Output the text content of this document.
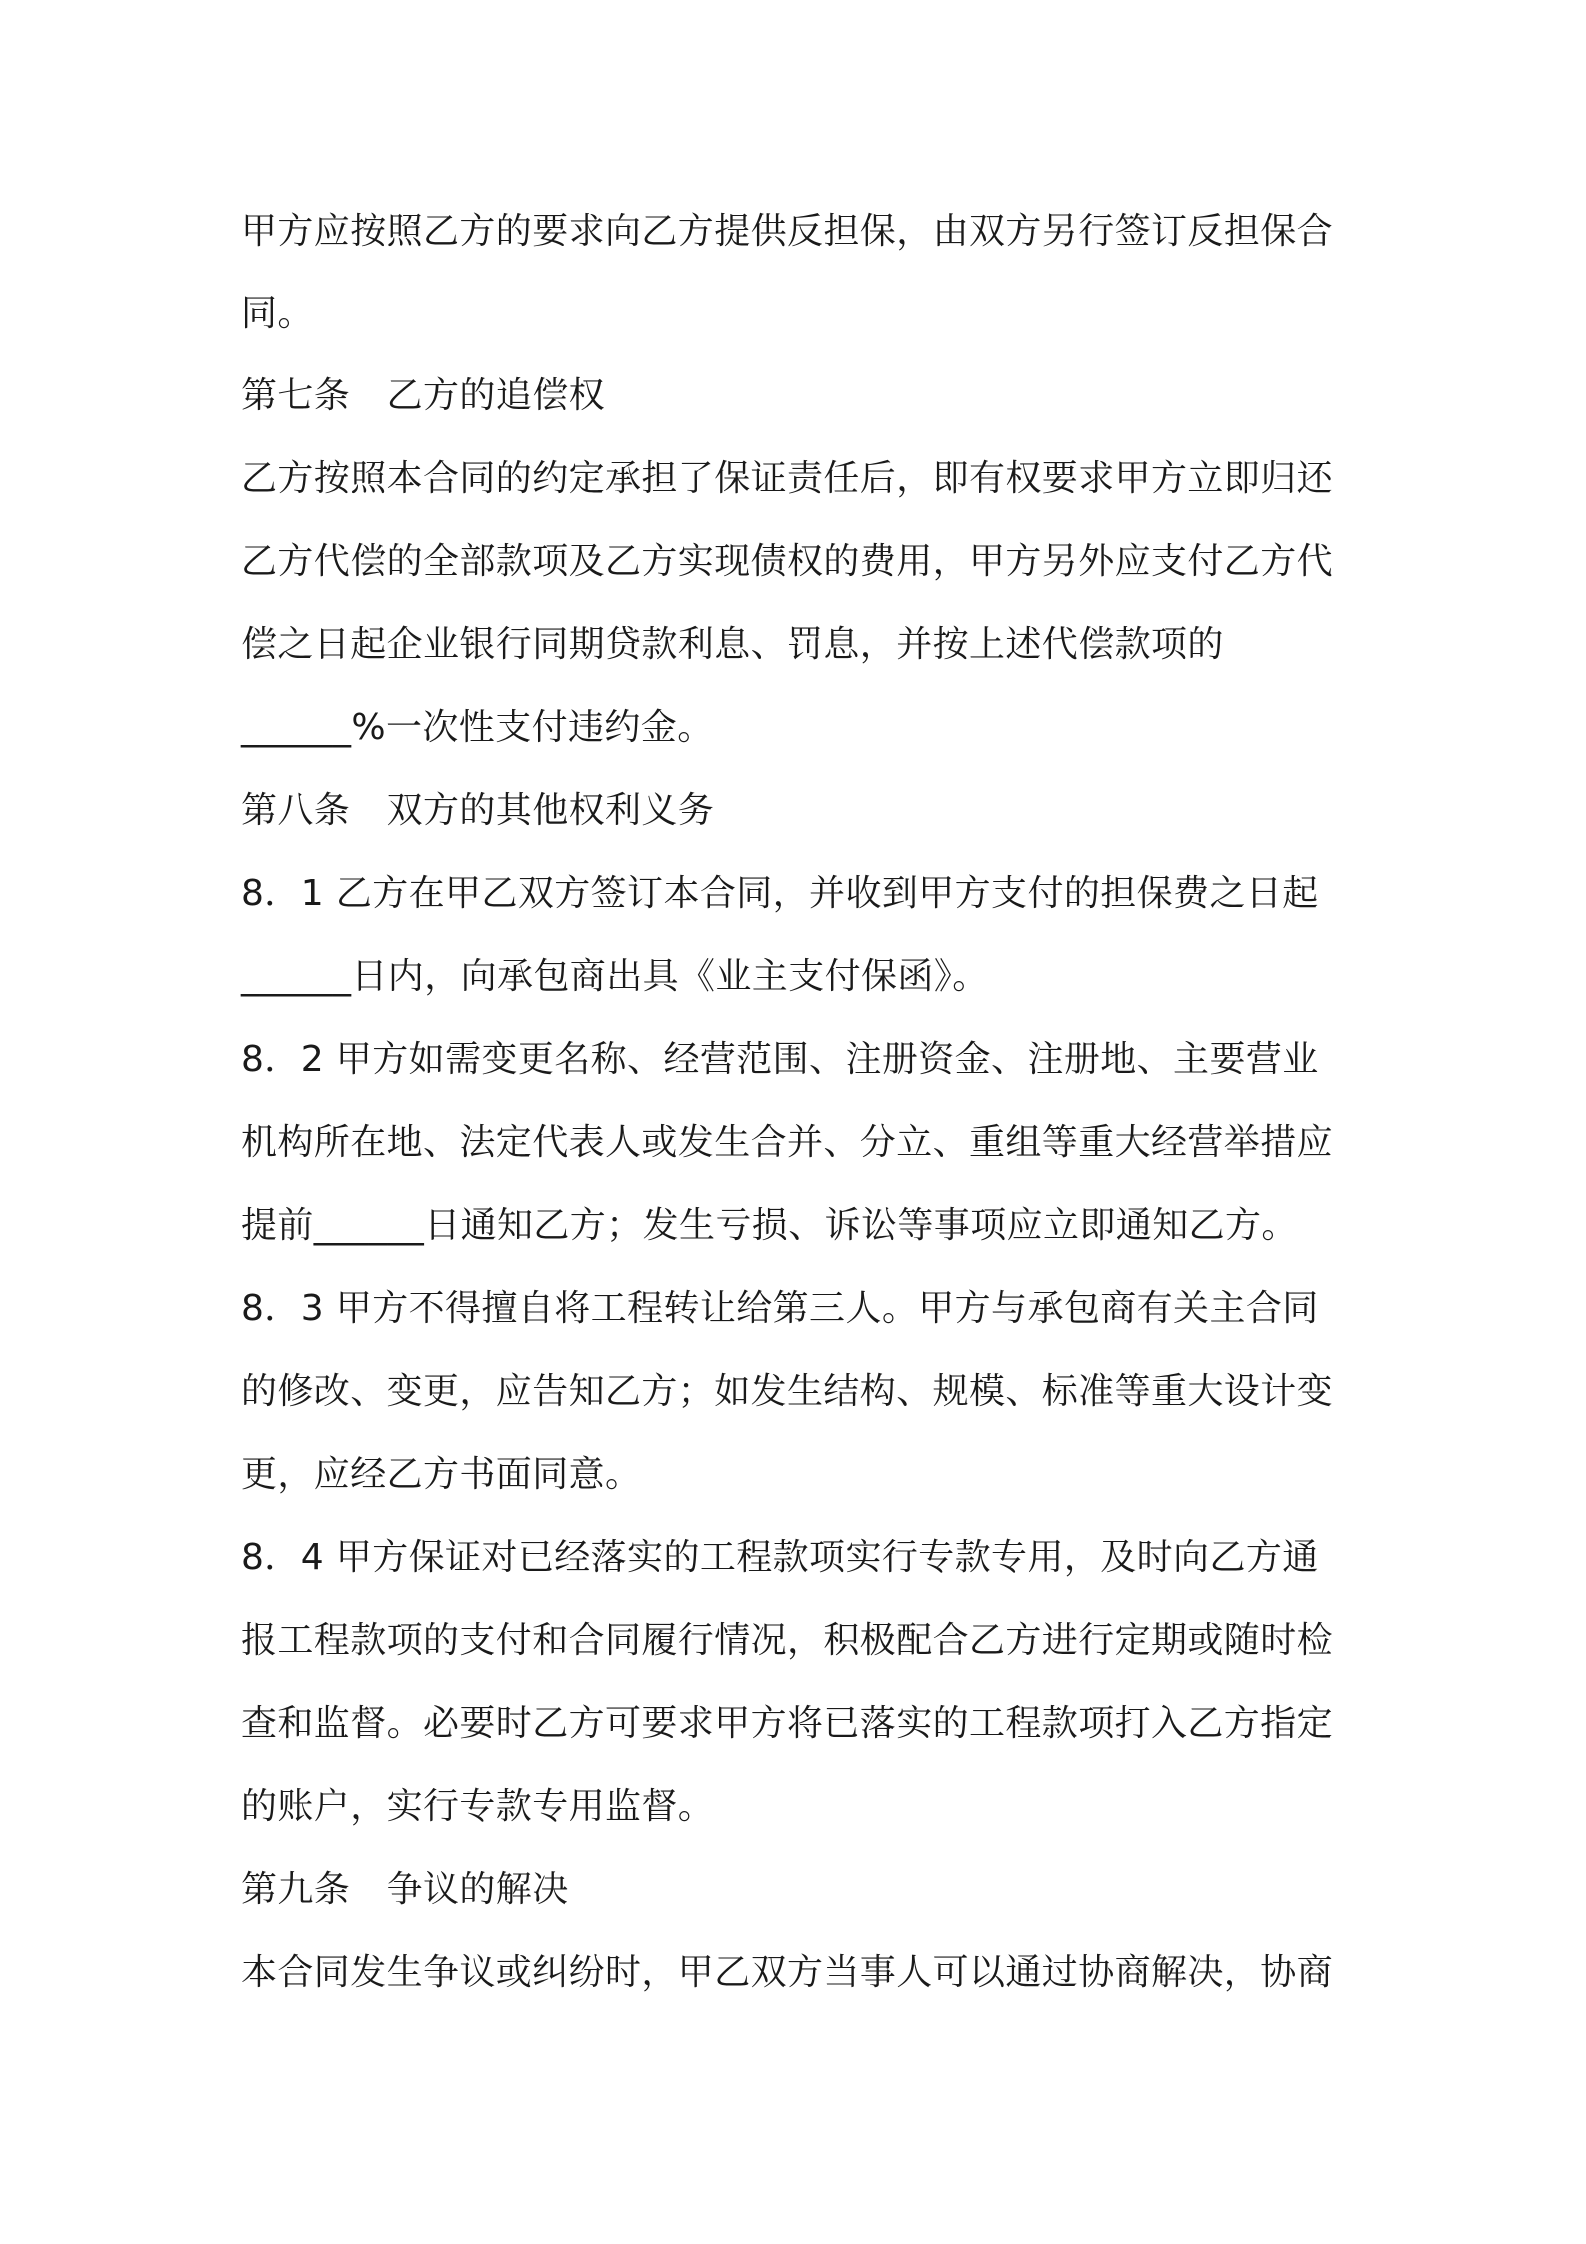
甲方应按照乙方的要求向乙方提供反担保，由双方另行签订反担保合
同。
第七条　乙方的追偿权
乙方按照本合同的约定承担了保证责任后，即有权要求甲方立即归还
乙方代偿的全部款项及乙方实现债权的费用，甲方另外应支付乙方代
偿之日起企业银行同期贷款利息、罚息，并按上述代偿款项的
______%一次性支付违约金。
第八条　双方的其他权利义务
8．1 乙方在甲乙双方签订本合同，并收到甲方支付的担保费之日起
______日内，向承包商出具《业主支付保函》。
8．2 甲方如需变更名称、经营范围、注册资金、注册地、主要营业
机构所在地、法定代表人或发生合并、分立、重组等重大经营举措应
提前______日通知乙方；发生亏损、诉讼等事项应立即通知乙方。
8．3 甲方不得擅自将工程转让给第三人。甲方与承包商有关主合同
的修改、变更，应告知乙方；如发生结构、规模、标准等重大设计变
更，应经乙方书面同意。
8．4 甲方保证对已经落实的工程款项实行专款专用，及时向乙方通
报工程款项的支付和合同履行情况，积极配合乙方进行定期或随时检
查和监督。必要时乙方可要求甲方将已落实的工程款项打入乙方指定
的账户，实行专款专用监督。
第九条　争议的解决
本合同发生争议或纠纷时，甲乙双方当事人可以通过协商解决，协商
